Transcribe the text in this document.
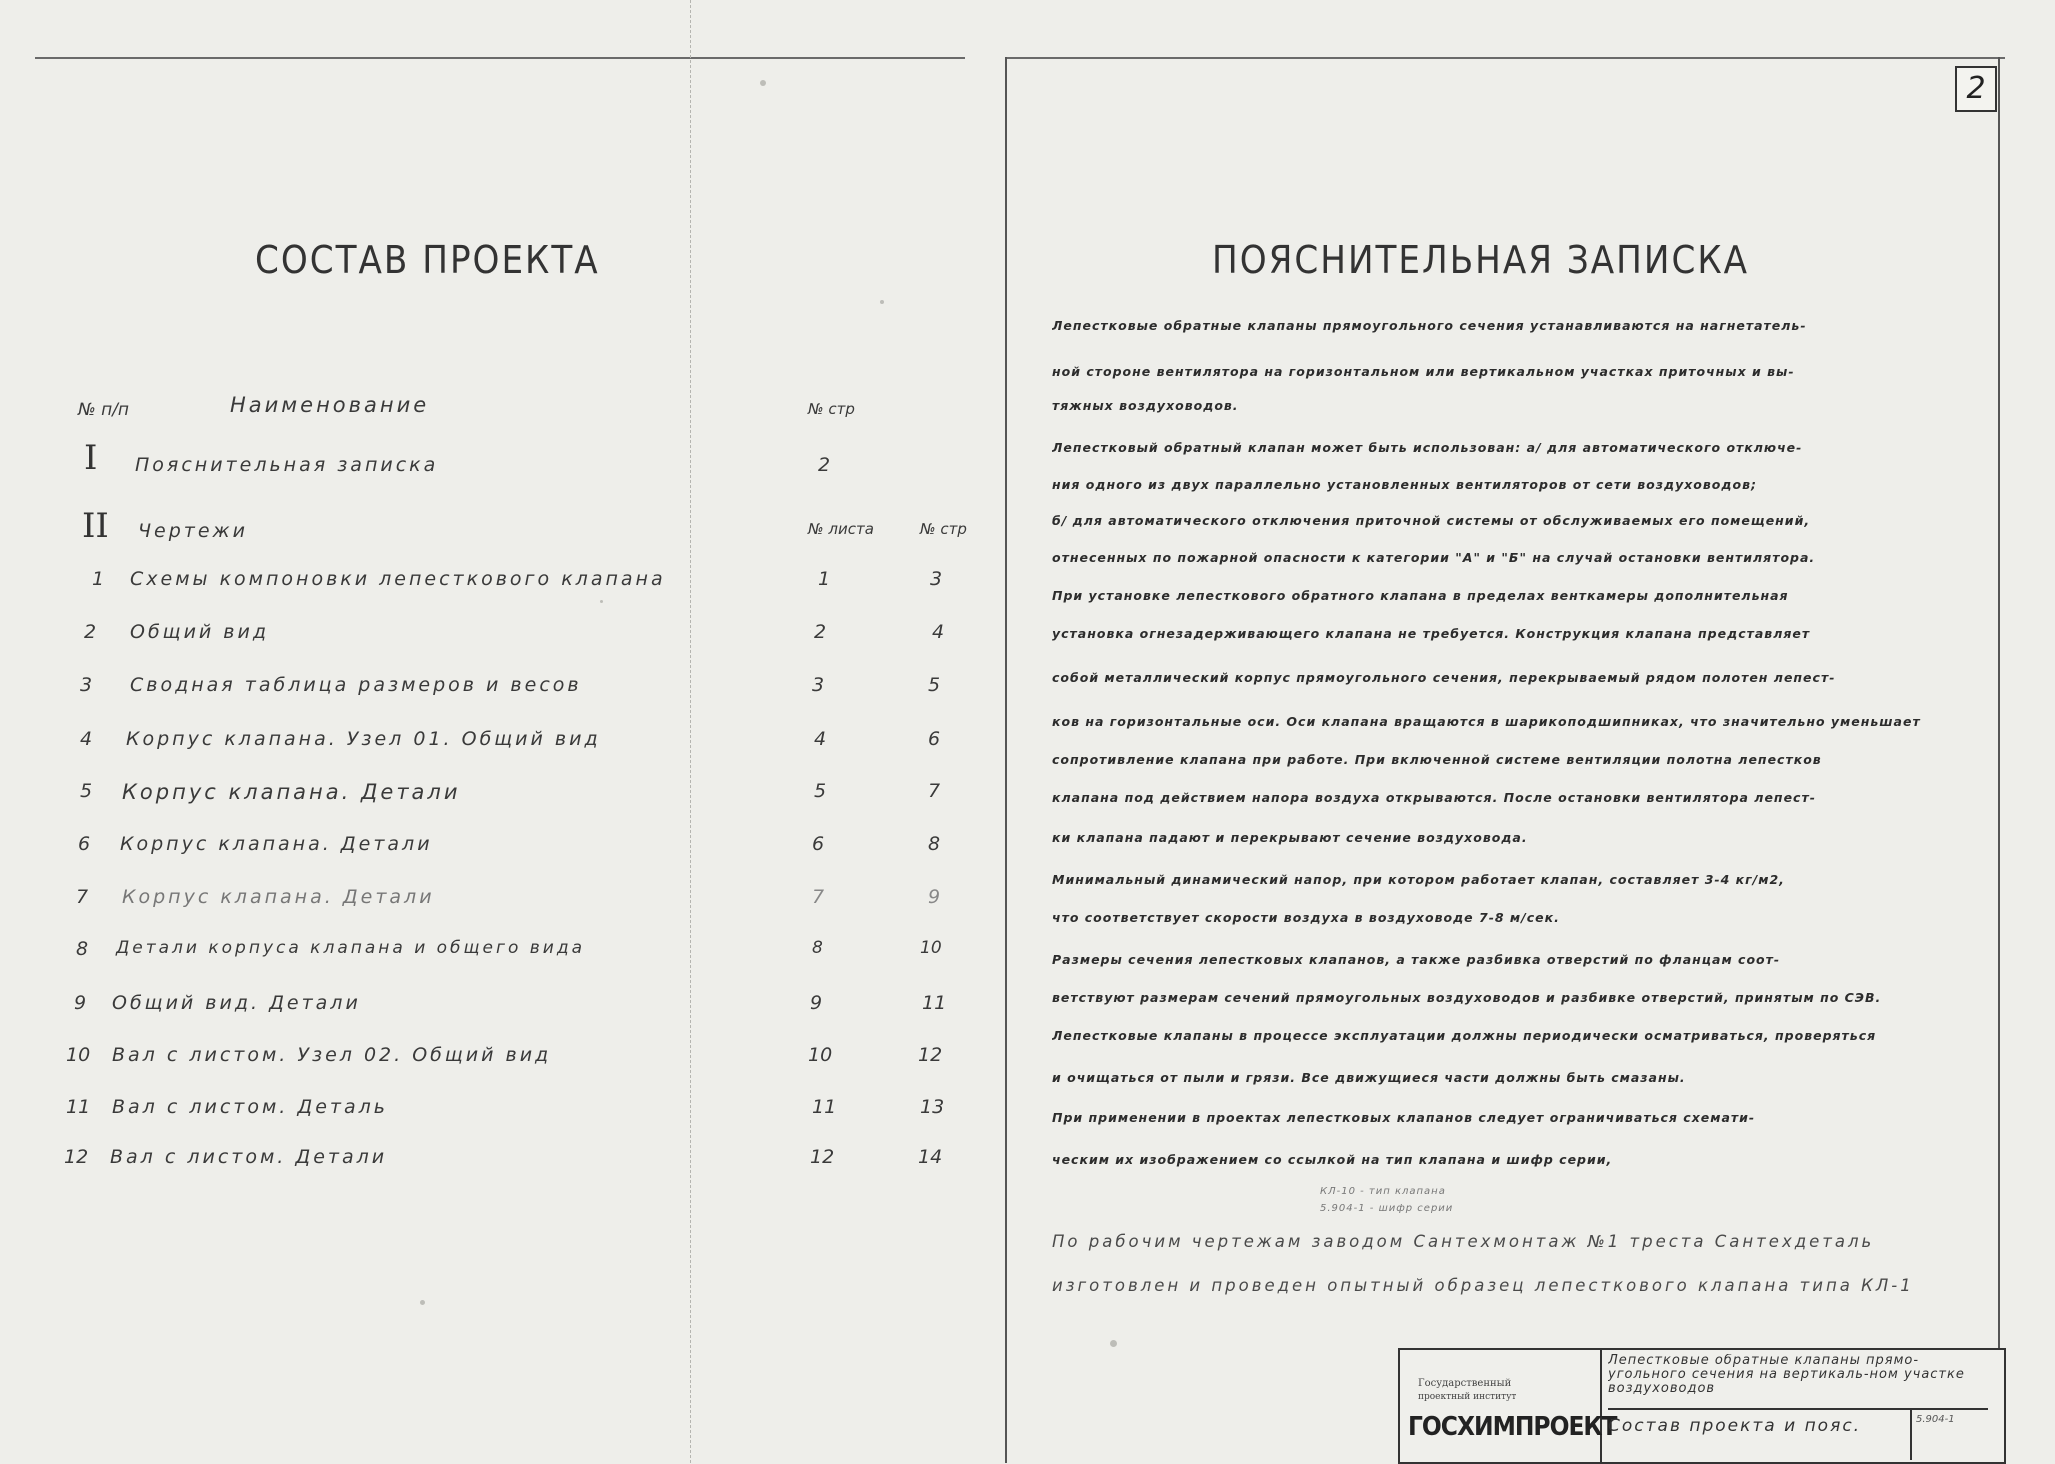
СОСТАВ ПРОЕКТА
№ п/п	Наименование	№ стр
№ листа	№ стр
I Пояснительная записка	2
II Чертежи
1 Схемы компоновки лепесткового клапана	1	3
2 Общий вид	2	4
3 Сводная таблица размеров и весов	3	5
4 Корпус клапана. Узел 01. Общий вид	4	6
5 Корпус клапана. Детали	5	7
6 Корпус клапана. Детали	6	8
7 Корпус клапана. Детали	7	9
8 Детали корпуса клапана и общего вида	8	10
9 Общий вид. Детали	9	11
10 Вал с листом. Узел 02. Общий вид	10	12
11 Вал с листом. Деталь	11	13
12 Вал с листом. Детали	12	14
2
ПОЯСНИТЕЛЬНАЯ ЗАПИСКА
Лепестковые обратные клапаны прямоугольного сечения устанавливаются на нагнетатель-
ной стороне вентилятора на горизонтальном или вертикальном участках приточных и вы-
тяжных воздуховодов.
Лепестковый обратный клапан может быть использован: а/ для автоматического отключе-
ния одного из двух параллельно установленных вентиляторов от сети воздуховодов;
б/ для автоматического отключения приточной системы от обслуживаемых его помещений,
отнесенных по пожарной опасности к категории "А" и "Б" на случай остановки вентилятора.
При установке лепесткового обратного клапана в пределах венткамеры дополнительная
установка огнезадерживающего клапана не требуется. Конструкция клапана представляет
собой металлический корпус прямоугольного сечения, перекрываемый рядом полотен лепест-
ков на горизонтальные оси. Оси клапана вращаются в шарикоподшипниках, что значительно уменьшает
сопротивление клапана при работе. При включенной системе вентиляции полотна лепестков
клапана под действием напора воздуха открываются. После остановки вентилятора лепест-
ки клапана падают и перекрывают сечение воздуховода.
Минимальный динамический напор, при котором работает клапан, составляет 3-4 кг/м2,
что соответствует скорости воздуха в воздуховоде 7-8 м/сек.
Размеры сечения лепестковых клапанов, а также разбивка отверстий по фланцам соот-
ветствуют размерам сечений прямоугольных воздуховодов и разбивке отверстий, принятым по СЭВ.
Лепестковые клапаны в процессе эксплуатации должны периодически осматриваться, проверяться
и очищаться от пыли и грязи. Все движущиеся части должны быть смазаны.
При применении в проектах лепестковых клапанов следует ограничиваться схемати-
ческим их изображением со ссылкой на тип клапана и шифр серии,
КЛ-10 - тип клапана
5.904-1 - шифр серии
По рабочим чертежам заводом Сантехмонтаж №1 треста Сантехдеталь
изготовлен и проведен опытный образец лепесткового клапана типа КЛ-1
Государственный
проектный институт
ГОСХИМПРОЕКТ
Лепестковые обратные клапаны прямо-угольного сечения на вертикаль-ном участке воздуховодов
Состав проекта и пояс.	5.904-1
